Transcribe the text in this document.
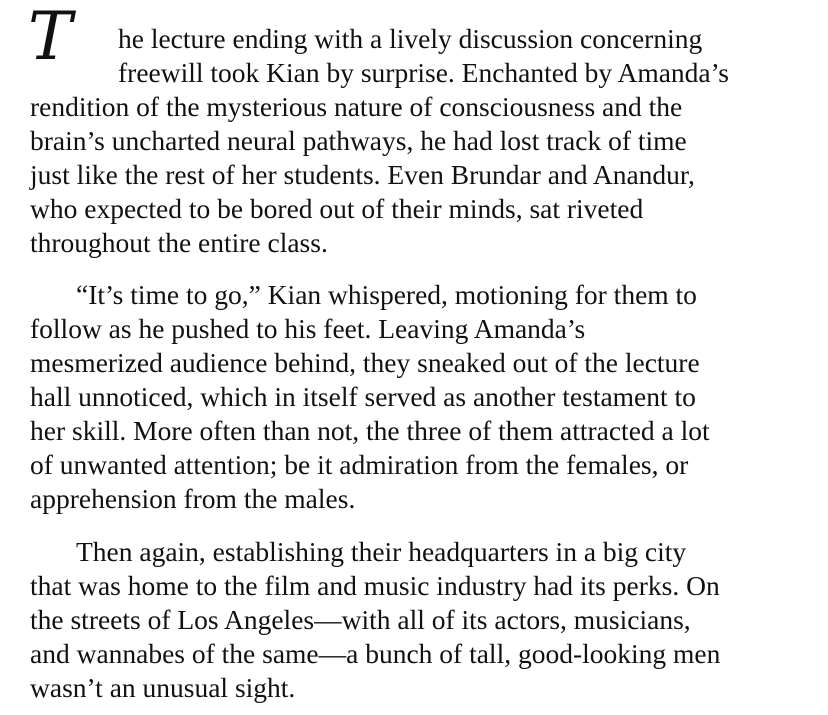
T he lecture ending with a lively discussion concerning
freewill took Kian by surprise. Enchanted by Amanda’s
rendition of the mysterious nature of consciousness and the
brain’s uncharted neural pathways, he had lost track of time
just like the rest of her students. Even Brundar and Anandur,
who expected to be bored out of their minds, sat riveted
throughout the entire class.
“It’s time to go,” Kian whispered, motioning for them to
follow as he pushed to his feet. Leaving Amanda’s
mesmerized audience behind, they sneaked out of the lecture
hall unnoticed, which in itself served as another testament to
her skill. More often than not, the three of them attracted a lot
of unwanted attention; be it admiration from the females, or
apprehension from the males.
Then again, establishing their headquarters in a big city
that was home to the film and music industry had its perks. On
the streets of Los Angeles—with all of its actors, musicians,
and wannabes of the same—a bunch of tall, good-looking men
wasn’t an unusual sight.
